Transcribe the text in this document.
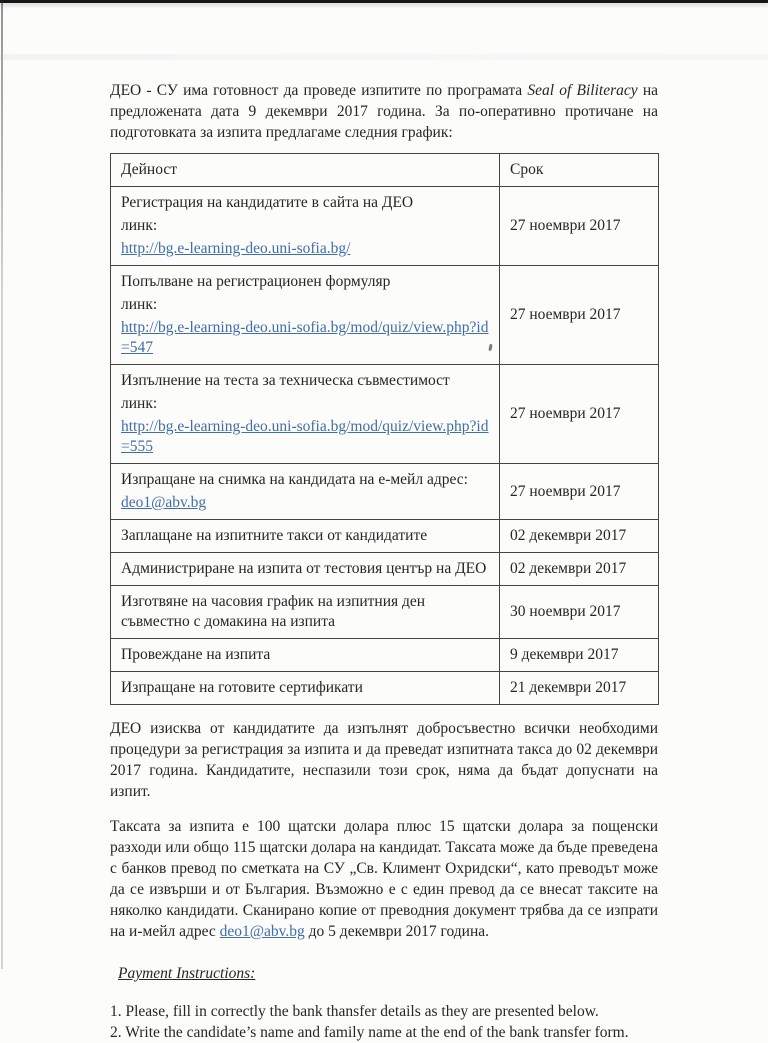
ДЕО - СУ има готовност да проведе изпитите по програмата Seal of Biliteracy на предложената дата 9 декември 2017 година. За по-оперативно протичане на подготовката за изпита предлагаме следния график:

Дейност	Срок

Регистрация на кандидатите в сайта на ДЕО
линк:
http://bg.e-learning-deo.uni-sofia.bg/	27 ноември 2017

Попълване на регистрационен формуляр
линк:
http://bg.e-learning-deo.uni-sofia.bg/mod/quiz/view.php?id=547	27 ноември 2017

Изпълнение на теста за техническа съвместимост
линк:
http://bg.e-learning-deo.uni-sofia.bg/mod/quiz/view.php?id=555	27 ноември 2017

Изпращане на снимка на кандидата на е-мейл адрес:
deo1@abv.bg	27 ноември 2017
Заплащане на изпитните такси от кандидатите	02 декември 2017
Администриране на изпита от тестовия център на ДЕО	02 декември 2017
Изготвяне на часовия график на изпитния ден съвместно с домакина на изпита	30 ноември 2017
Провеждане на изпита	9 декември 2017
Изпращане на готовите сертификати	21 декември 2017

ДЕО изисква от кандидатите да изпълнят добросъвестно всички необходими процедури за регистрация за изпита и да преведат изпитната такса до 02 декември 2017 година. Кандидатите, неспазили този срок, няма да бъдат допуснати на изпит.

Таксата за изпита е 100 щатски долара плюс 15 щатски долара за пощенски разходи или общо 115 щатски долара на кандидат. Таксата може да бъде преведена с банков превод по сметката на СУ „Св. Климент Охридски“, като преводът може да се извърши и от България. Възможно е с един превод да се внесат таксите на няколко кандидати. Сканирано копие от преводния документ трябва да се изпрати на и-мейл адрес deo1@abv.bg до 5 декември 2017 година.

Payment Instructions:

1. Please, fill in correctly the bank thansfer details as they are presented below.
2. Write the candidate’s name and family name at the end of the bank transfer form.
